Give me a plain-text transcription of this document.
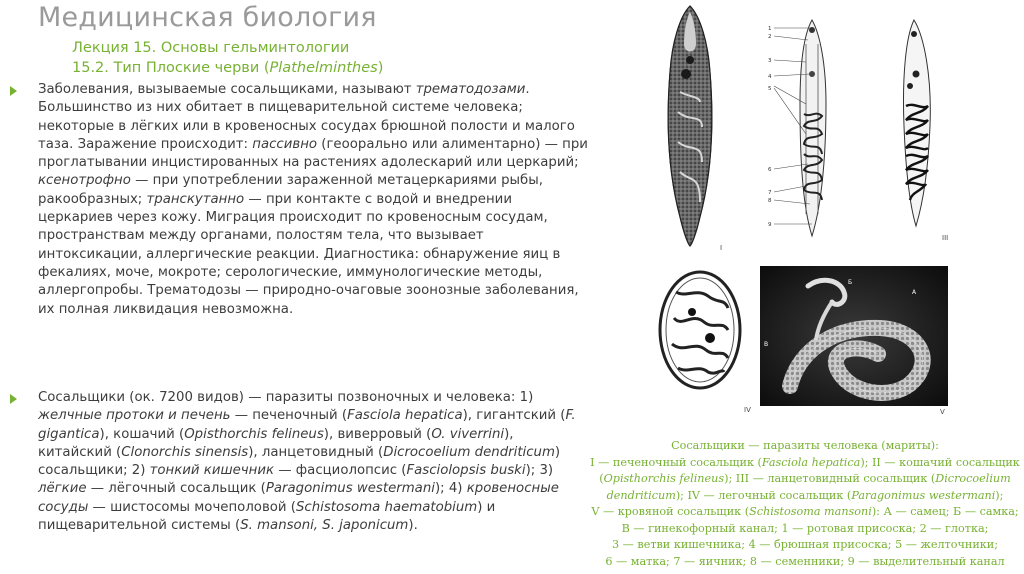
Медицинская биология
Лекция 15. Основы гельминтологии
15.2. Тип Плоские черви (Plathelminthes)
Заболевания, вызываемые сосальщиками, называют трематодозами. Большинство из них обитает в пищеварительной системе человека; некоторые в лёгких или в кровеносных сосудах брюшной полости и малого таза. Заражение происходит: пассивно (геоорально или алиментарно) — при проглатывании инцистированных на растениях адолескарий или церкарий; ксенотрофно — при употреблении зараженной метацеркариями рыбы, ракообразных; транскутанно — при контакте с водой и внедрении церкариев через кожу. Миграция происходит по кровеносным сосудам, пространствам между органами, полостям тела, что вызывает интоксикации, аллергические реакции. Диагностика: обнаружение яиц в фекалиях, моче, мокроте; серологические, иммунологические методы, аллергопробы. Трематодозы — природно-очаговые зоонозные заболевания, их полная ликвидация невозможна.
Сосальщики (ок. 7200 видов) — паразиты позвоночных и человека: 1) желчные протоки и печень — печеночный (Fasciola hepatica), гигантский (F. gigantica), кошачий (Opisthorchis felineus), виверровый (O. viverrini), китайский (Clonorchis sinensis), ланцетовидный (Dicrocoelium dendriticum) сосальщики; 2) тонкий кишечник — фасциолопсис (Fasciolopsis buski); 3) лёгкие — лёгочный сосальщик (Paragonimus westermani); 4) кровеносные сосуды — шистосомы мочеполовой (Schistosoma haematobium) и пищеварительной системы (S. mansoni, S. japonicum).
I
1
2
3
4
5
6
7
8
9
III
IV
А
Б
В
V
Сосальщики — паразиты человека (мариты):
I — печеночный сосальщик (Fasciola hepatica); II — кошачий сосальщик
(Opisthorchis felineus); III — ланцетовидный сосальщик (Dicrocoelium
dendriticum); IV — легочный сосальщик (Paragonimus westermani);
V — кровяной сосальщик (Schistosoma mansoni): А — самец; Б — самка;
В — гинекофорный канал; 1 — ротовая присоска; 2 — глотка;
3 — ветви кишечника; 4 — брюшная присоска; 5 — желточники;
6 — матка; 7 — яичник; 8 — семенники; 9 — выделительный канал
